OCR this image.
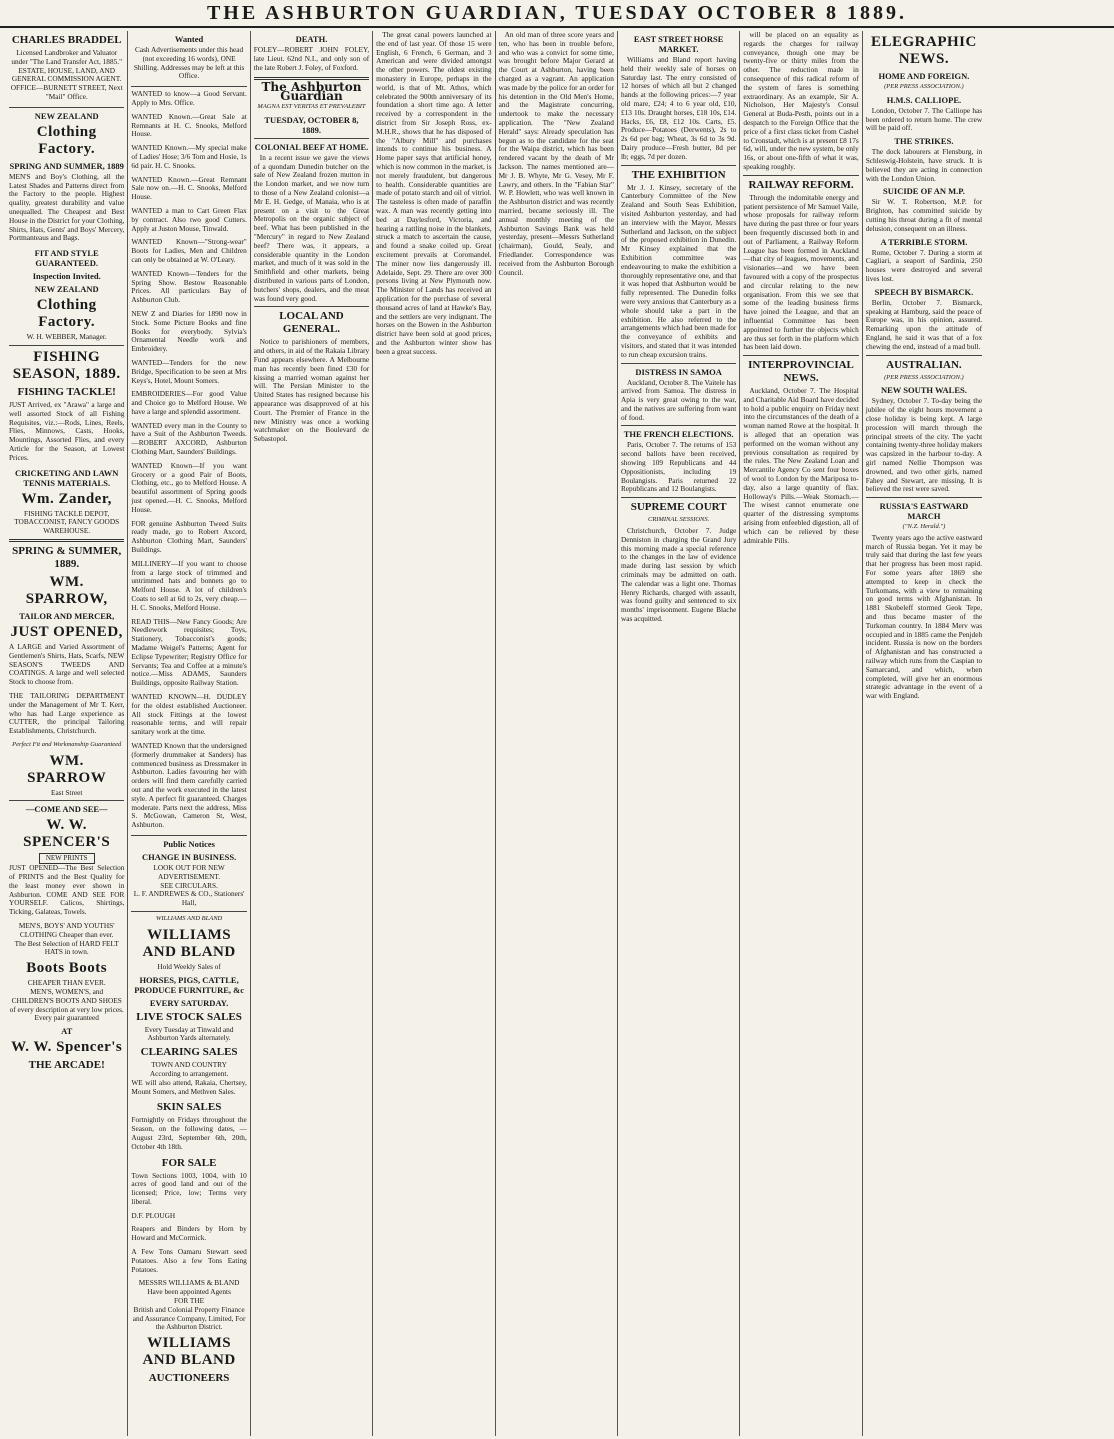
THE ASHBURTON GUARDIAN, TUESDAY OCTOBER 8 1889.
CHARLES BRADDEL
Licensed Landbroker and Valuator under "The Land Transfer Act, 1885." ESTATE, HOUSE, LAND, AND GENERAL COMMISSION AGENT. OFFICE—BURNETT STREET, Next "Mail" Office.
NEW ZEALAND
Clothing Factory.
SPRING AND SUMMER, 1889
MEN'S and Boy's Clothing, all the Latest Shades and Patterns direct from the Factory to the people. Highest quality, greatest durability and value unequalled. The Cheapest and Best House in the District for your Clothing, Shirts, Hats, Gents' and Boys' Mercery, Portmanteaus and Bags.
FIT AND STYLE GUARANTEED.
Inspection Invited.
NEW ZEALAND
Clothing Factory.
W. H. WEBBER, Manager.
FISHING SEASON, 1889.
FISHING TACKLE!
JUST Arrived, ex "Arawa" a large and well assorted Stock of all Fishing Requisites, viz.:—Rods, Lines, Reels, Flies, Minnows, Casts, Hooks, Mountings, Assorted Flies, and every Article for the Season, at Lowest Prices.
CRICKETING AND LAWN TENNIS MATERIALS.
Wm. Zander,
FISHING TACKLE DEPOT, TOBACCONIST, FANCY GOODS WAREHOUSE.
SPRING & SUMMER, 1889.
WM. SPARROW,
TAILOR AND MERCER,
JUST OPENED,
A LARGE and Varied Assortment of Gentlemen's Shirts, Hats, Scarfs, NEW SEASON'S TWEEDS AND COATINGS. A large and well selected Stock to choose from.
THE TAILORING DEPARTMENT under the Management of Mr T. Kerr, who has had Large experience as CUTTER, the principal Tailoring Establishments, Christchurch.
Perfect Fit and Workmanship Guaranteed
WM. SPARROW
East Street
—COME AND SEE—
W. W. SPENCER'S
NEW PRINTS
JUST OPENED—The Best Selection of PRINTS and the Best Quality for the least money ever shown in Ashburton. COME AND SEE FOR YOURSELF. Calicos, Shirtings, Ticking, Galateas, Towels.
MEN'S, BOYS' AND YOUTHS' CLOTHING Cheaper than ever.
The Best Selection of HARD FELT HATS in town.
Boots Boots
CHEAPER THAN EVER.
MEN'S, WOMEN'S, and CHILDREN'S BOOTS AND SHOES of every description at very low prices. Every pair guaranteed
AT
W. W. Spencer's
THE ARCADE!
Wanted
Cash Advertisements under this head (not exceeding 16 words), ONE Shilling. Addresses may be left at this Office.
WANTED to know—a Good Servant. Apply to Mrs. Office.
WANTED Known.—Great Sale at Remnants at H. C. Snooks, Melford House.
WANTED Known.—My special make of Ladies' Hose; 3/6 Tom and Hosie, 1s 6d pair. H. C. Snooks.
WANTED Known.—Great Remnant Sale now on.—H. C. Snooks, Melford House.
WANTED a man to Cart Green Flax by contract. Also two good Cutters. Apply at Juston Mouse, Tinwald.
WANTED Known—"Strong-wear" Boots for Ladies, Men and Children can only be obtained at W. O'Leary.
WANTED Known—Tenders for the Spring Show. Bestow Reasonable Prices. All particulars Bay of Ashburton Club.
NEW Z and Diaries for 1890 now in Stock. Some Picture Books and fine Books for everybody. Sylvia's Ornamental Needle work and Embroidery.
WANTED—Tenders for the new Bridge, Specification to be seen at Mrs Keys's, Hotel, Mount Somers.
EMBROIDERIES—For good Value and Choice go to Melford House. We have a large and splendid assortment.
WANTED every man in the County to have a Suit of the Ashburton Tweeds.—ROBERT AXCORD, Ashburton Clothing Mart, Saunders' Buildings.
WANTED Known—If you want Grocery or a good Pair of Boots, Clothing, etc., go to Melford House. A beautiful assortment of Spring goods just opened.—H. C. Snooks, Melford House.
FOR genuine Ashburton Tweed Suits ready made, go to Robert Axcord, Ashburton Clothing Mart, Saunders' Buildings.
MILLINERY—If you want to choose from a large stock of trimmed and untrimmed hats and bonnets go to Melford House. A lot of children's Coats to sell at 6d to 2s, very cheap.—H. C. Snooks, Melford House.
READ THIS—New Fancy Goods; Are Needlework requisites; Toys, Stationery, Tobacconist's goods; Madame Weigel's Patterns; Agent for Eclipse Typewriter; Registry Office for Servants; Tea and Coffee at a minute's notice.—Miss ADAMS, Saunders Buildings, opposite Railway Station.
WANTED KNOWN—H. DUDLEY for the oldest established Auctioneer. All stock Fittings at the lowest reasonable terms, and will repair sanitary work at the time.
WANTED Known that the undersigned (formerly drummaker at Sanders) has commenced business as Dressmaker in Ashburton. Ladies favouring her with orders will find them carefully carried out and the work executed in the latest style. A perfect fit guaranteed. Charges moderate. Parts next the address, Miss S. McGowan, Cameron St, West, Ashburton.
Public Notices
CHANGE IN BUSINESS.
LOOK OUT FOR NEW ADVERTISEMENT.
SEE CIRCULARS.
L. F. ANDREWES & CO., Stationers' Hall,
WILLIAMS AND BLAND
WILLIAMS AND BLAND
Hold Weekly Sales of
HORSES, PIGS, CATTLE, PRODUCE FURNITURE, &c
EVERY SATURDAY.
LIVE STOCK SALES
Every Tuesday at Tinwald and Ashburton Yards alternately.
CLEARING SALES
TOWN AND COUNTRY
According to arrangement.
WE will also attend, Rakaia, Chertsey, Mount Somers, and Methven Sales.
SKIN SALES
Fortnightly on Fridays throughout the Season, on the following dates, —August 23rd, September 6th, 20th, October 4th 18th.
FOR SALE
Town Sections 1003, 1004, with 10 acres of good land and out of the licensed; Price, low; Terms very liberal.
D.F. PLOUGH
Reapers and Binders by Horn by Howard and McCormick.
A Few Tons Oamaru Stewart seed Potatoes. Also a few Tons Eating Potatoes.
MESSRS WILLIAMS & BLAND Have been appointed Agents
FOR THE
British and Colonial Property Finance and Assurance Company, Limited, For the Ashburton District.
WILLIAMS AND BLAND
AUCTIONEERS
DEATH.
FOLEY—ROBERT JOHN FOLEY, late Lieut. 62nd N.I., and only son of the late Robert J. Foley, of Foxford.
The Ashburton Guardian
MAGNA EST VERITAS ET PREVALEBIT
TUESDAY, OCTOBER 8, 1889.
COLONIAL BEEF AT HOME.

In a recent issue we gave the views of a quondam Dunedin butcher on the sale of New Zealand frozen mutton in the London market, and we now turn to those of a New Zealand colonist—a Mr E. H. Gedge, of Manaia, who is at present on a visit to the Great Metropolis on the organic subject of beef. What has been published in the "Mercury" in regard to New Zealand beef? There was, it appears, a considerable quantity in the London market, and much of it was sold in the Smithfield and other markets, being distributed in various parts of London, butchers' shops, dealers, and the meat was found very good.

LOCAL AND GENERAL.

Notice to parishioners of members, and others, in aid of the Rakaia Library Fund appears elsewhere. A Melbourne man has recently been fined £30 for kissing a married woman against her will. The Persian Minister to the United States has resigned because his appearance was disapproved of at his Court. The Premier of France in the new Ministry was once a working watchmaker on the Boulevard de Sebastopol.

The great canal powers launched at the end of last year. Of those 15 were English, 6 French, 6 German, and 3 American and were divided amongst the other powers. The oldest existing monastery in Europe, perhaps in the world, is that of Mt. Athos, which celebrated the 900th anniversary of its foundation a short time ago. A letter received by a correspondent in the district from Sir Joseph Ross, ex-M.H.R., shows that he has disposed of the "Albury Mill" and purchases intends to continue his business. A Home paper says that artificial honey, which is now common in the market, is not merely fraudulent, but dangerous to health. Considerable quantities are made of potato starch and oil of vitriol. The tasteless is often made of paraffin wax. A man was recently getting into bed at Daylesford, Victoria, and hearing a rattling noise in the blankets, struck a match to ascertain the cause, and found a snake coiled up. Great excitement prevails at Coromandel. The miner now lies dangerously ill. Adelaide, Sept. 29. There are over 300 persons living at New Plymouth now. The Minister of Lands has received an application for the purchase of several thousand acres of land at Hawke's Bay, and the settlers are very indignant. The horses on the Bowen in the Ashburton district have been sold at good prices, and the Ashburton winter show has been a great success.

An old man of three score years and ten, who has been in trouble before, and who was a convict for some time, was brought before Major Gerard at the Court at Ashburton, having been charged as a vagrant. An application was made by the police for an order for his detention in the Old Men's Home, and the Magistrate concurring, undertook to make the necessary application. The "New Zealand Herald" says: Already speculation has begun as to the candidate for the seat for the Waipa district, which has been rendered vacant by the death of Mr Jackson. The names mentioned are—Mr J. B. Whyte, Mr G. Vesey, Mr F. Lawry, and others. In the "Fabian Star" W. P. Howlett, who was well known in the Ashburton district and was recently married, became seriously ill. The annual monthly meeting of the Ashburton Savings Bank was held yesterday, present—Messrs Sutherland (chairman), Gould, Sealy, and Friedlander. Correspondence was received from the Ashburton Borough Council.

EAST STREET HORSE MARKET.

Williams and Bland report having held their weekly sale of horses on Saturday last. The entry consisted of 12 horses of which all but 2 changed hands at the following prices:—7 year old mare, £24; 4 to 6 year old, £10, £13 10s. Draught horses, £18 10s, £14. Hacks, £6, £8, £12 10s. Carts, £5. Produce—Potatoes (Derwents), 2s to 2s 6d per bag; Wheat, 3s 6d to 3s 9d. Dairy produce—Fresh butter, 8d per lb; eggs, 7d per dozen.

THE EXHIBITION

Mr J. J. Kinsey, secretary of the Canterbury Committee of the New Zealand and South Seas Exhibition, visited Ashburton yesterday, and had an interview with the Mayor, Messrs Sutherland and Jackson, on the subject of the proposed exhibition in Dunedin. Mr Kinsey explained that the Exhibition committee was endeavouring to make the exhibition a thoroughly representative one, and that it was hoped that Ashburton would be fully represented. The Dunedin folks were very anxious that Canterbury as a whole should take a part in the exhibition. He also referred to the arrangements which had been made for the conveyance of exhibits and visitors, and stated that it was intended to run cheap excursion trains.

DISTRESS IN SAMOA

Auckland, October 8. The Vaitele has arrived from Samoa. The distress in Apia is very great owing to the war, and the natives are suffering from want of food.

THE FRENCH ELECTIONS.

Paris, October 7. The returns of 153 second ballots have been received, showing 109 Republicans and 44 Oppositionists, including 19 Boulangists. Paris returned 22 Republicans and 12 Boulangists.

SUPREME COURT
CRIMINAL SESSIONS.

Christchurch, October 7. Judge Denniston in charging the Grand Jury this morning made a special reference to the changes in the law of evidence made during last session by which criminals may be admitted on oath. The calendar was a light one. Thomas Henry Richards, charged with assault, was found guilty and sentenced to six months' imprisonment. Eugene Blache was acquitted.

will be placed on an equality as regards the charges for railway conveyance, though one may be twenty-five or thirty miles from the other. The reduction made in consequence of this radical reform of the system of fares is something extraordinary. As an example, Sir A. Nicholson, Her Majesty's Consul General at Buda-Pesth, points out in a despatch to the Foreign Office that the price of a first class ticket from Cashel to Cronstadt, which is at present £8 17s 6d, will, under the new system, be only 16s, or about one-fifth of what it was, speaking roughly.

RAILWAY REFORM.

Through the indomitable energy and patient persistence of Mr Samuel Vaile, whose proposals for railway reform have during the past three or four years been frequently discussed both in and out of Parliament, a Railway Reform League has been formed in Auckland—that city of leagues, movements, and visionaries—and we have been favoured with a copy of the prospectus and circular relating to the new organisation. From this we see that some of the leading business firms have joined the League, and that an influential Committee has been appointed to further the objects which are thus set forth in the platform which has been laid down.

INTERPROVINCIAL NEWS.

Auckland, October 7. The Hospital and Charitable Aid Board have decided to hold a public enquiry on Friday next into the circumstances of the death of a woman named Rowe at the hospital. It is alleged that an operation was performed on the woman without any previous consultation as required by the rules. The New Zealand Loan and Mercantile Agency Co sent four boxes of wool to London by the Mariposa to-day, also a large quantity of flax. Holloway's Pills.—Weak Stomach.—The wisest cannot enumerate one quarter of the distressing symptoms arising from enfeebled digestion, all of which can be relieved by these admirable Pills.

ELEGRAPHIC NEWS.
HOME AND FOREIGN.
(PER PRESS ASSOCIATION.)
H.M.S. CALLIOPE.

London, October 7. The Calliope has been ordered to return home. The crew will be paid off.

THE STRIKES.

The dock labourers at Flensburg, in Schleswig-Holstein, have struck. It is believed they are acting in connection with the London Union.

SUICIDE OF AN M.P.

Sir W. T. Robertson, M.P. for Brighton, has committed suicide by cutting his throat during a fit of mental delusion, consequent on an illness.

A TERRIBLE STORM.

Rome, October 7. During a storm at Cagliari, a seaport of Sardinia, 250 houses were destroyed and several lives lost.

SPEECH BY BISMARCK.

Berlin, October 7. Bismarck, speaking at Hamburg, said the peace of Europe was, in his opinion, assured. Remarking upon the attitude of England, he said it was that of a fox chewing the end, instead of a mad bull.

AUSTRALIAN.
(PER PRESS ASSOCIATION.)
NEW SOUTH WALES.

Sydney, October 7. To-day being the jubilee of the eight hours movement a close holiday is being kept. A large procession will march through the principal streets of the city. The yacht containing twenty-three holiday makers was capsized in the harbour to-day. A girl named Nellie Thompson was drowned, and two other girls, named Fahey and Stewart, are missing. It is believed the rest were saved.

RUSSIA'S EASTWARD MARCH
("N.Z. Herald.")

Twenty years ago the active eastward march of Russia began. Yet it may be truly said that during the last few years that her progress has been most rapid. For some years after 1869 she attempted to keep in check the Turkomans, with a view to remaining on good terms with Afghanistan. In 1881 Skobeleff stormed Geok Tepe, and thus became master of the Turkoman country. In 1884 Merv was occupied and in 1885 came the Penjdeh incident. Russia is now on the borders of Afghanistan and has constructed a railway which runs from the Caspian to Samarcand, and which, when completed, will give her an enormous strategic advantage in the event of a war with England.
